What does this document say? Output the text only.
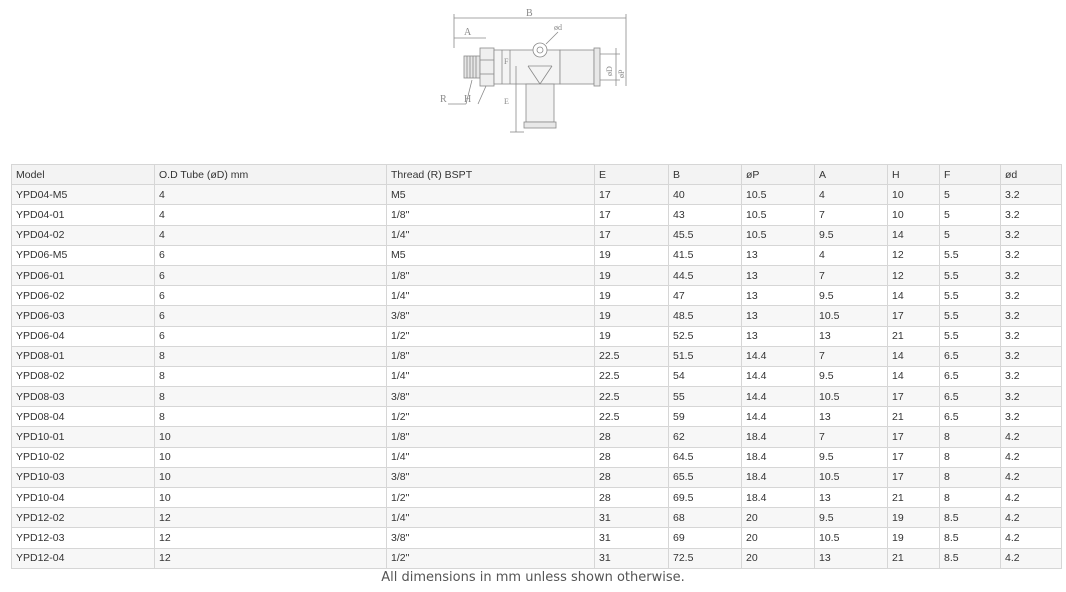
B
A	ød
F
E
R H
øD øP
Model	O.D Tube (øD) mm	Thread (R) BSPT	E	B	øP	A	H	F	ød
YPD04-M5	4	M5	17	40	10.5	4	10	5	3.2
YPD04-01	4	1/8"	17	43	10.5	7	10	5	3.2
YPD04-02	4	1/4"	17	45.5	10.5	9.5	14	5	3.2
YPD06-M5	6	M5	19	41.5	13	4	12	5.5	3.2
YPD06-01	6	1/8"	19	44.5	13	7	12	5.5	3.2
YPD06-02	6	1/4"	19	47	13	9.5	14	5.5	3.2
YPD06-03	6	3/8"	19	48.5	13	10.5	17	5.5	3.2
YPD06-04	6	1/2"	19	52.5	13	13	21	5.5	3.2
YPD08-01	8	1/8"	22.5	51.5	14.4	7	14	6.5	3.2
YPD08-02	8	1/4"	22.5	54	14.4	9.5	14	6.5	3.2
YPD08-03	8	3/8"	22.5	55	14.4	10.5	17	6.5	3.2
YPD08-04	8	1/2"	22.5	59	14.4	13	21	6.5	3.2
YPD10-01	10	1/8"	28	62	18.4	7	17	8	4.2
YPD10-02	10	1/4"	28	64.5	18.4	9.5	17	8	4.2
YPD10-03	10	3/8"	28	65.5	18.4	10.5	17	8	4.2
YPD10-04	10	1/2"	28	69.5	18.4	13	21	8	4.2
YPD12-02	12	1/4"	31	68	20	9.5	19	8.5	4.2
YPD12-03	12	3/8"	31	69	20	10.5	19	8.5	4.2
YPD12-04	12	1/2"	31	72.5	20	13	21	8.5	4.2
All dimensions in mm unless shown otherwise.
